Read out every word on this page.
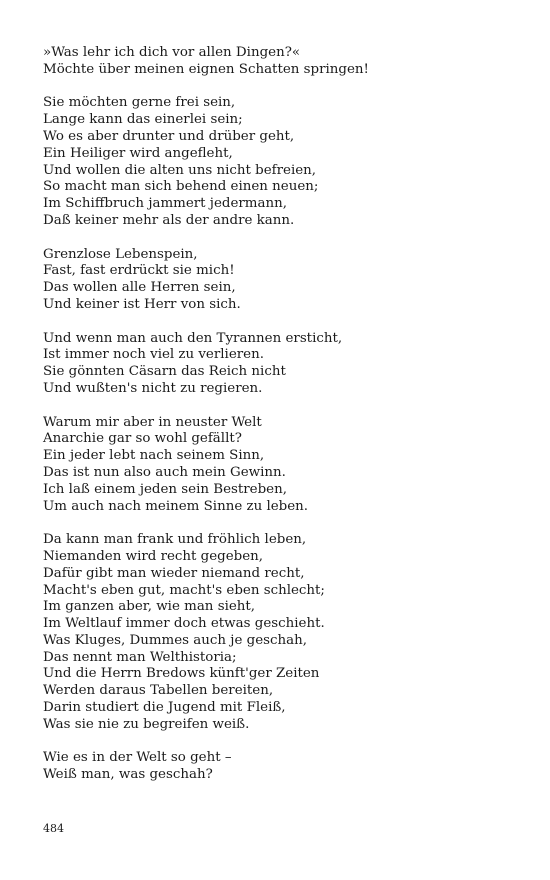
»Was lehr ich dich vor allen Dingen?«
Möchte über meinen eignen Schatten springen!
Sie möchten gerne frei sein,
Lange kann das einerlei sein;
Wo es aber drunter und drüber geht,
Ein Heiliger wird angefleht,
Und wollen die alten uns nicht befreien,
So macht man sich behend einen neuen;
Im Schiffbruch jammert jedermann,
Daß keiner mehr als der andre kann.
Grenzlose Lebenspein,
Fast, fast erdrückt sie mich!
Das wollen alle Herren sein,
Und keiner ist Herr von sich.
Und wenn man auch den Tyrannen ersticht,
Ist immer noch viel zu verlieren.
Sie gönnten Cäsarn das Reich nicht
Und wußten's nicht zu regieren.
Warum mir aber in neuster Welt
Anarchie gar so wohl gefällt?
Ein jeder lebt nach seinem Sinn,
Das ist nun also auch mein Gewinn.
Ich laß einem jeden sein Bestreben,
Um auch nach meinem Sinne zu leben.
Da kann man frank und fröhlich leben,
Niemanden wird recht gegeben,
Dafür gibt man wieder niemand recht,
Macht's eben gut, macht's eben schlecht;
Im ganzen aber, wie man sieht,
Im Weltlauf immer doch etwas geschieht.
Was Kluges, Dummes auch je geschah,
Das nennt man Welthistoria;
Und die Herrn Bredows künft'ger Zeiten
Werden daraus Tabellen bereiten,
Darin studiert die Jugend mit Fleiß,
Was sie nie zu begreifen weiß.
Wie es in der Welt so geht –
Weiß man, was geschah?
484
